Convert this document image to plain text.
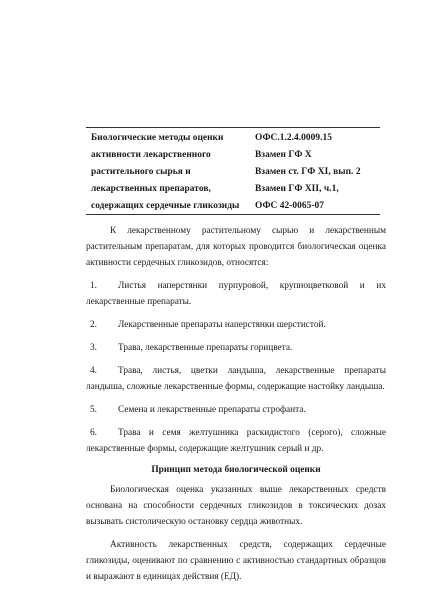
Биологические методы оценки
активности лекарственного
растительного сырья и
лекарственных препаратов,
содержащих сердечные гликозиды
ОФС.1.2.4.0009.15
Взамен ГФ X
Взамен ст. ГФ XI, вып. 2
Взамен ГФ XII, ч.1,
ОФС 42-0065-07

К лекарственному растительному сырью и лекарственным растительным препаратам, для которых проводится биологическая оценка активности сердечных гликозидов, относятся:

1. Листья наперстянки пурпуровой, крупноцветковой и их лекарственные препараты.
2. Лекарственные препараты наперстянки шерстистой.
3. Трава, лекарственные препараты горицвета.
4. Трава, листья, цветки ландыша, лекарственные препараты ландыша, сложные лекарственные формы, содержащие настойку ландыша.
5. Семена и лекарственные препараты строфанта.
6. Трава и семя желтушника раскидистого (серого), сложные лекарственные формы, содержащие желтушник серый и др.
Принцип метода биологической оценки

Биологическая оценка указанных выше лекарственных средств основана на способности сердечных гликозидов в токсических дозах вызывать систолическую остановку сердца животных.

Активность лекарственных средств, содержащих сердечные гликозиды, оценивают по сравнению с активностью стандартных образцов и выражают в единицах действия (ЕД).
